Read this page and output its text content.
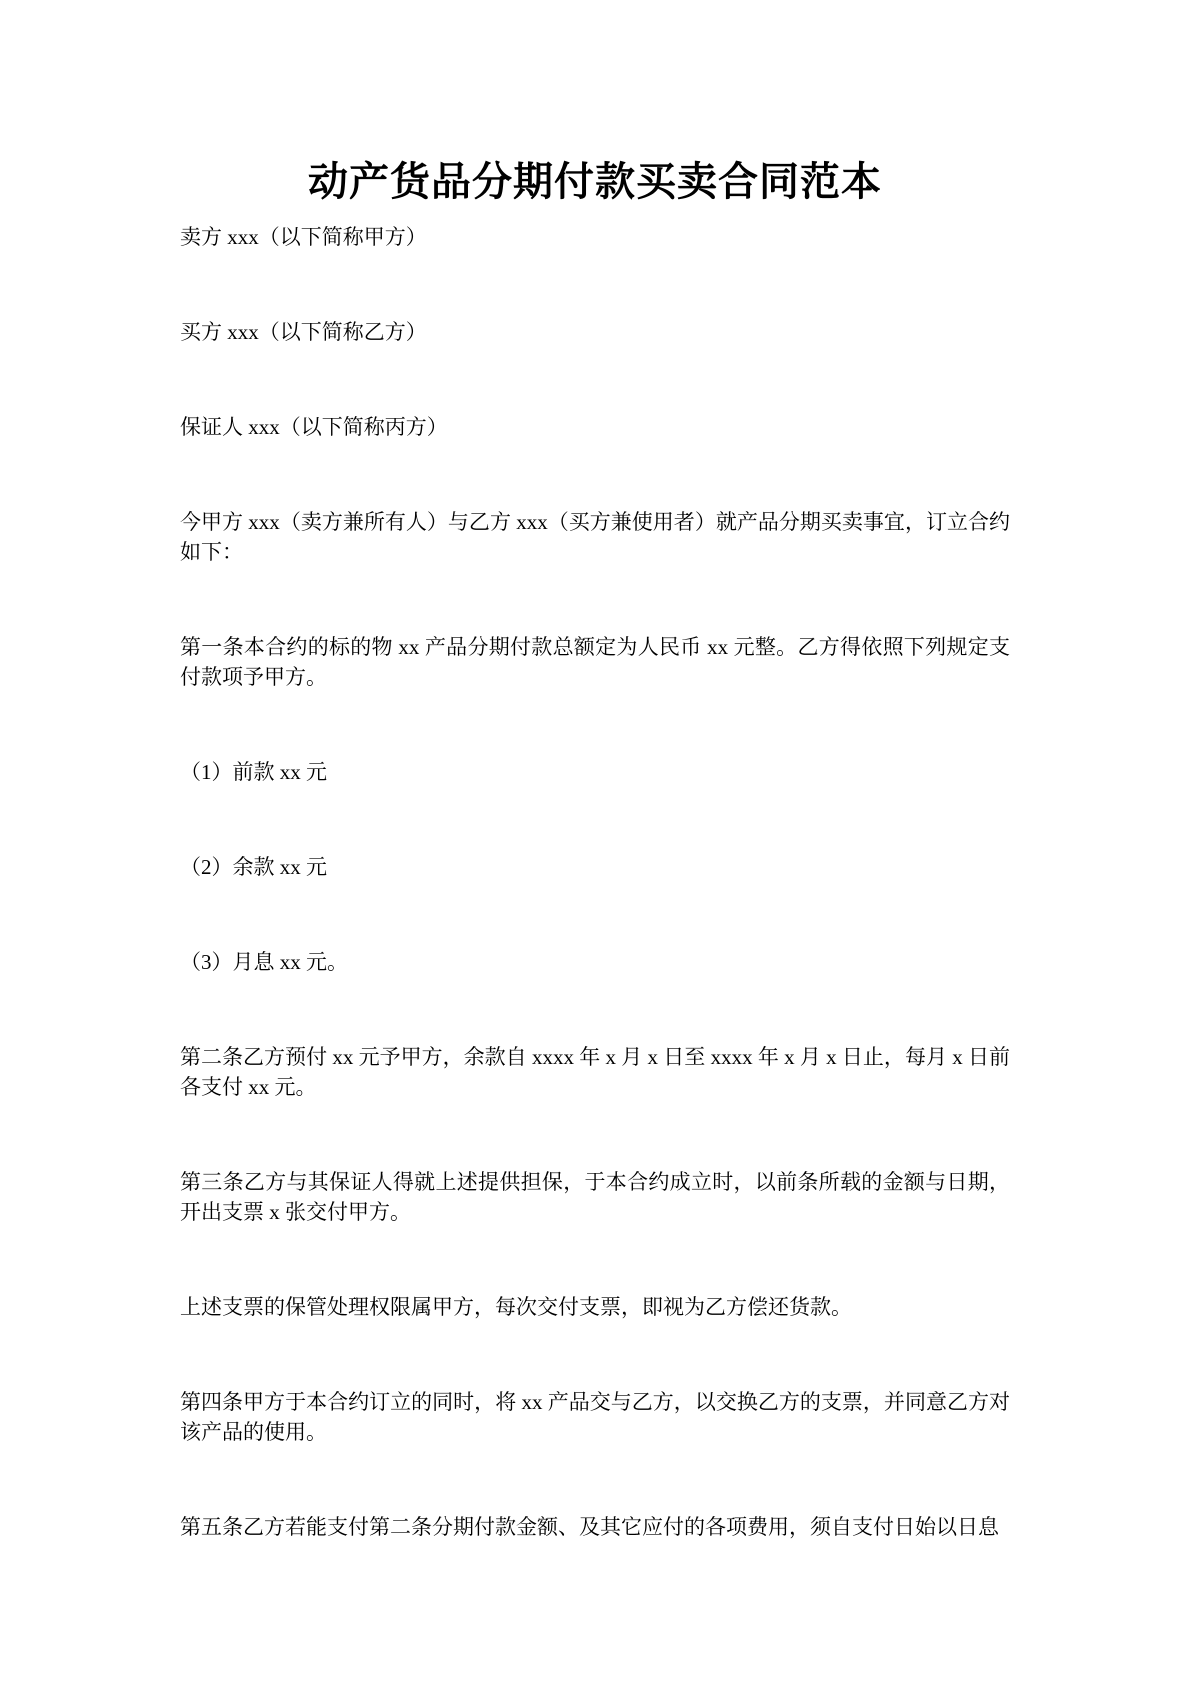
动产货品分期付款买卖合同范本

卖方 xxx（以下简称甲方）

买方 xxx（以下简称乙方）

保证人 xxx（以下简称丙方）

今甲方 xxx（卖方兼所有人）与乙方 xxx（买方兼使用者）就产品分期买卖事宜，订立合约如下：

第一条本合约的标的物 xx 产品分期付款总额定为人民币 xx 元整。乙方得依照下列规定支付款项予甲方。

（1）前款 xx 元

（2）余款 xx 元

（3）月息 xx 元。

第二条乙方预付 xx 元予甲方，余款自 xxxx 年 x 月 x 日至 xxxx 年 x 月 x 日止，每月 x 日前各支付 xx 元。

第三条乙方与其保证人得就上述提供担保，于本合约成立时，以前条所载的金额与日期，开出支票 x 张交付甲方。

上述支票的保管处理权限属甲方，每次交付支票，即视为乙方偿还货款。

第四条甲方于本合约订立的同时，将 xx 产品交与乙方，以交换乙方的支票，并同意乙方对该产品的使用。

第五条乙方若能支付第二条分期付款金额、及其它应付的各项费用，须自支付日始以日息
